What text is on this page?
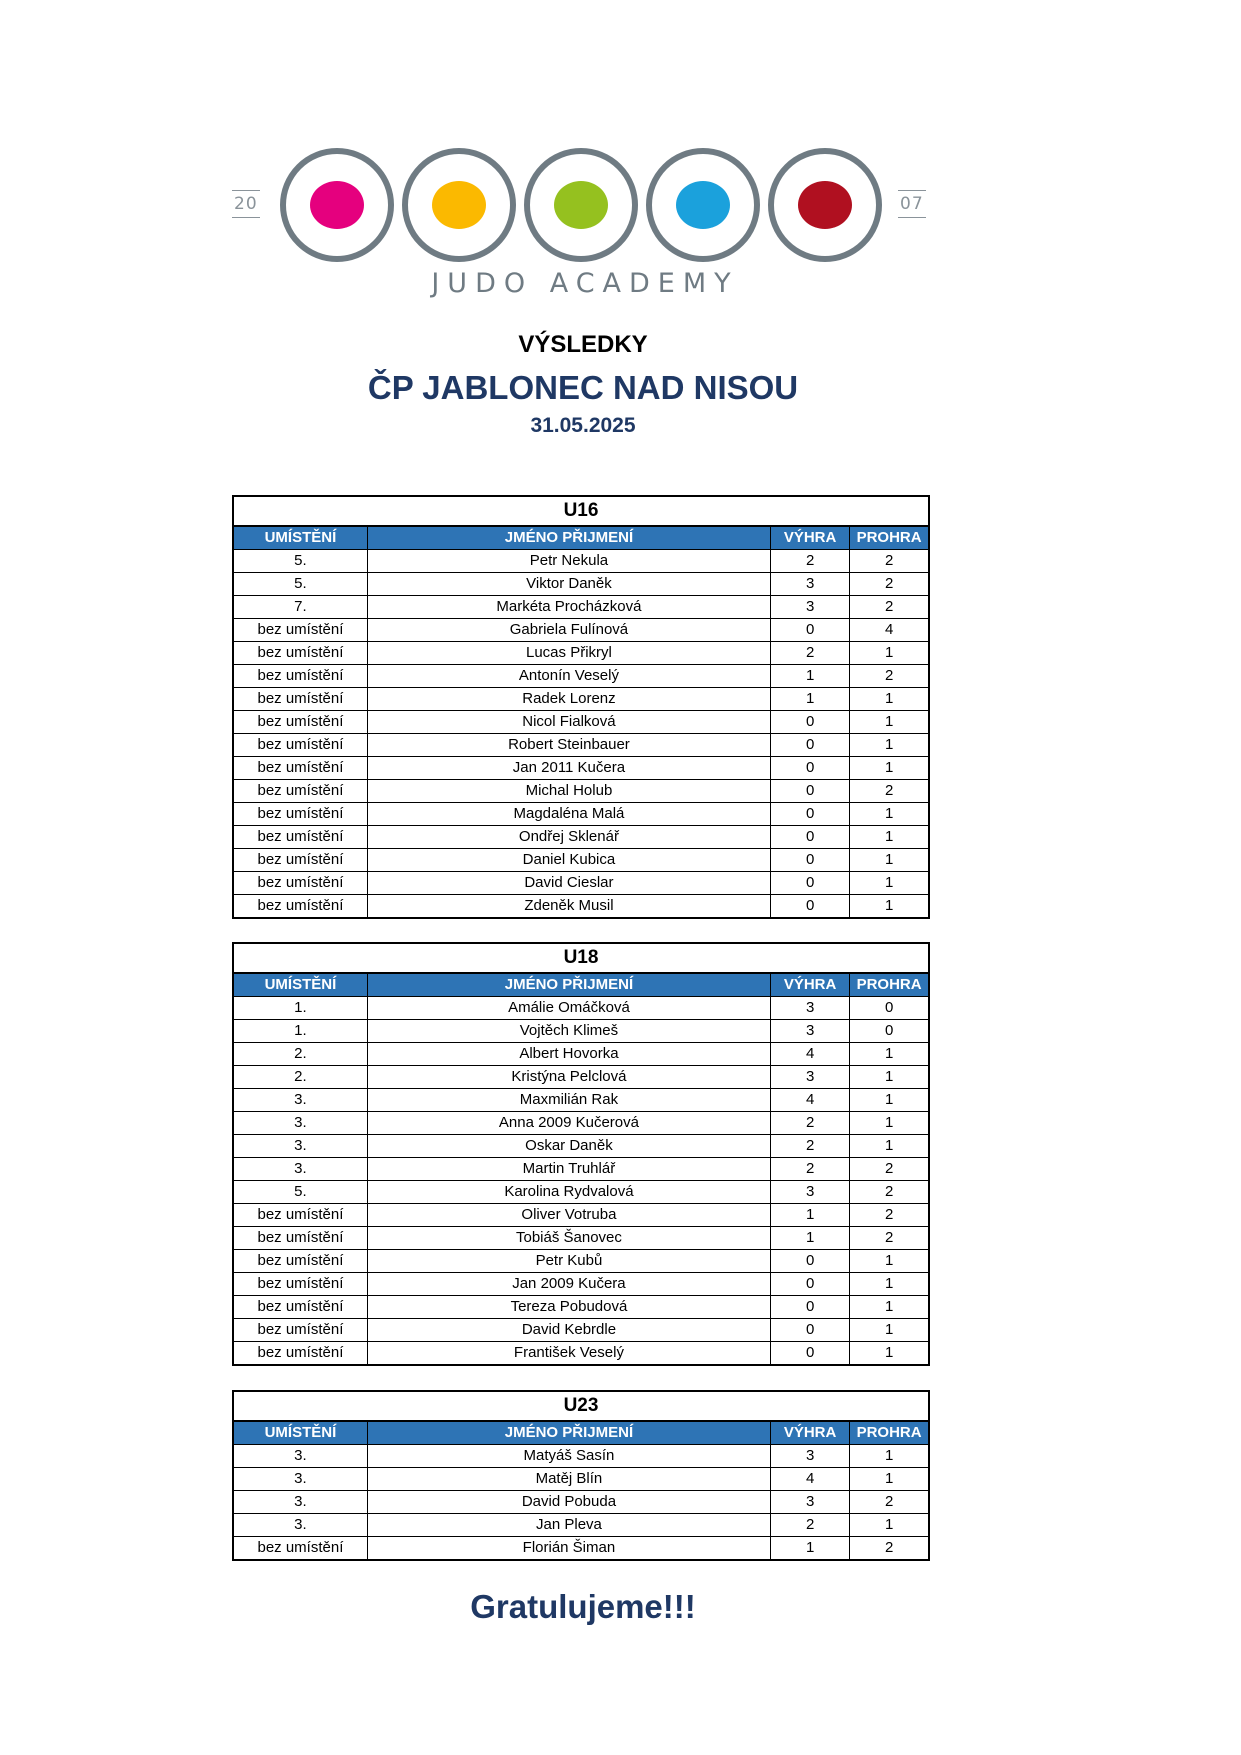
20	07
JUDO ACADEMY
VÝSLEDKY
ČP JABLONEC NAD NISOU
31.05.2025
U16			
UMÍSTĚNÍ	JMÉNO PŘIJMENÍ	VÝHRA	PROHRA
5.	Petr Nekula	2	2
5.	Viktor Daněk	3	2
7.	Markéta Procházková	3	2
bez umístění	Gabriela Fulínová	0	4
bez umístění	Lucas Přikryl	2	1
bez umístění	Antonín Veselý	1	2
bez umístění	Radek Lorenz	1	1
bez umístění	Nicol Fialková	0	1
bez umístění	Robert Steinbauer	0	1
bez umístění	Jan 2011 Kučera	0	1
bez umístění	Michal Holub	0	2
bez umístění	Magdaléna Malá	0	1
bez umístění	Ondřej Sklenář	0	1
bez umístění	Daniel Kubica	0	1
bez umístění	David Cieslar	0	1
bez umístění	Zdeněk Musil	0	1
U18			
UMÍSTĚNÍ	JMÉNO PŘIJMENÍ	VÝHRA	PROHRA
1.	Amálie Omáčková	3	0
1.	Vojtěch Klimeš	3	0
2.	Albert Hovorka	4	1
2.	Kristýna Pelclová	3	1
3.	Maxmilián Rak	4	1
3.	Anna 2009 Kučerová	2	1
3.	Oskar Daněk	2	1
3.	Martin Truhlář	2	2
5.	Karolina Rydvalová	3	2
bez umístění	Oliver Votruba	1	2
bez umístění	Tobiáš Šanovec	1	2
bez umístění	Petr Kubů	0	1
bez umístění	Jan 2009 Kučera	0	1
bez umístění	Tereza Pobudová	0	1
bez umístění	David Kebrdle	0	1
bez umístění	František Veselý	0	1
U23			
UMÍSTĚNÍ	JMÉNO PŘIJMENÍ	VÝHRA	PROHRA
3.	Matyáš Sasín	3	1
3.	Matěj Blín	4	1
3.	David Pobuda	3	2
3.	Jan Pleva	2	1
bez umístění	Florián Šiman	1	2
Gratulujeme!!!
